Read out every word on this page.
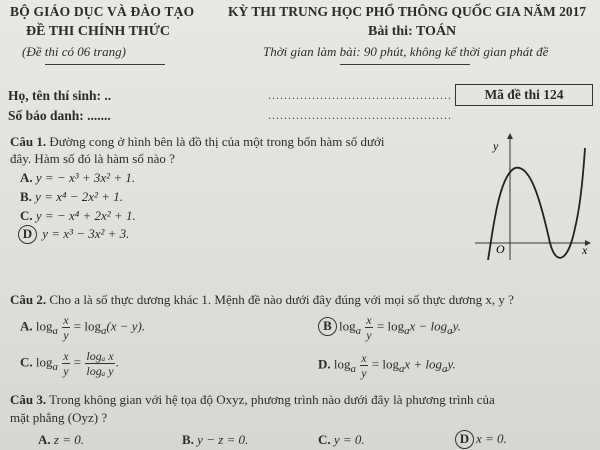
BỘ GIÁO DỤC VÀ ĐÀO TẠO KỲ THI TRUNG HỌC PHỔ THÔNG QUỐC GIA NĂM 2017
ĐỀ THI CHÍNH THỨC	Bài thi: TOÁN
(Đề thi có 06 trang)	Thời gian làm bài: 90 phút, không kể thời gian phát đề
Họ, tên thí sinh: ..	..............................................
Số báo danh: .......	..............................................
Mã đề thi 124
Câu 1. Đường cong ở hình bên là đồ thị của một trong bốn hàm số dưới
đây. Hàm số đó là hàm số nào ?
A. y = − x³ + 3x² + 1.
B. y = x⁴ − 2x² + 1.
C. y = − x⁴ + 2x² + 1.
D y = x³ − 3x² + 3.
y
x
O
Câu 2. Cho a là số thực dương khác 1. Mệnh đề nào dưới đây đúng với mọi số thực dương x, y ?
A. $\log_a \frac{x}{y} = \log_a(x - y)$.	B $\log_a \frac{x}{y} = \log_ax - \log_ay$.
C. $\log_a \frac{x}{y} = \frac{\text{logₐ x}}{\text{logₐ y}}$ .	D. $\log_a \frac{x}{y} = \log_ax + \log_ay$.
Câu 3. Trong không gian với hệ tọa độ Oxyz, phương trình nào dưới đây là phương trình của
mặt phẳng (Oyz) ?
A. z = 0.	B. y − z = 0.	C. y = 0.	D x = 0.
